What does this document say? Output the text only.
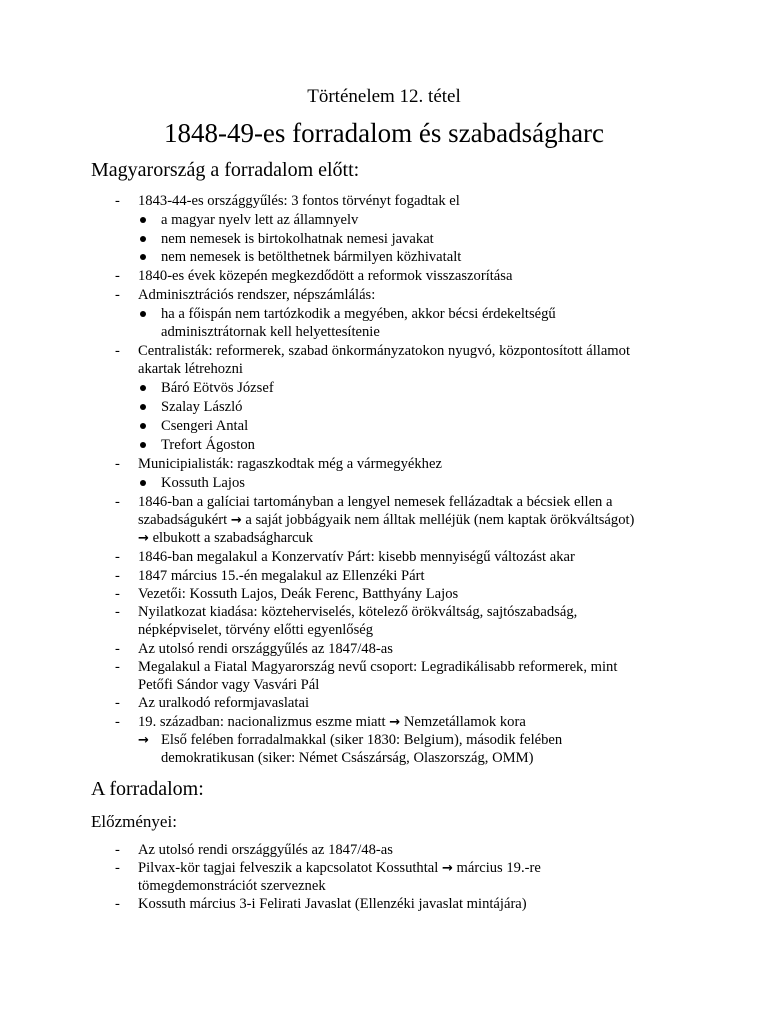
Történelem 12. tétel
1848-49-es forradalom és szabadságharc
Magyarország a forradalom előtt:
- 1843-44-es országgyűlés: 3 fontos törvényt fogadtak el
a magyar nyelv lett az államnyelv
nem nemesek is birtokolhatnak nemesi javakat
nem nemesek is betölthetnek bármilyen közhivatalt
- 1840-es évek közepén megkezdődött a reformok visszaszorítása
- Adminisztrációs rendszer, népszámlálás:
ha a főispán nem tartózkodik a megyében, akkor bécsi érdekeltségű
adminisztrátornak kell helyettesítenie
- Centralisták: reformerek, szabad önkormányzatokon nyugvó, központosított államot
akartak létrehozni
Báró Eötvös József
Szalay László
Csengeri Antal
Trefort Ágoston
- Municipialisták: ragaszkodtak még a vármegyékhez
Kossuth Lajos
- 1846-ban a galíciai tartományban a lengyel nemesek fellázadtak a bécsiek ellen a
szabadságukért → a saját jobbágyaik nem álltak melléjük (nem kaptak örökváltságot)
→ elbukott a szabadságharcuk
- 1846-ban megalakul a Konzervatív Párt: kisebb mennyiségű változást akar
- 1847 március 15.-én megalakul az Ellenzéki Párt
- Vezetői: Kossuth Lajos, Deák Ferenc, Batthyány Lajos
- Nyilatkozat kiadása: közteherviselés, kötelező örökváltság, sajtószabadság,
népképviselet, törvény előtti egyenlőség
- Az utolsó rendi országgyűlés az 1847/48-as
- Megalakul a Fiatal Magyarország nevű csoport: Legradikálisabb reformerek, mint
Petőfi Sándor vagy Vasvári Pál
- Az uralkodó reformjavaslatai
- 19. században: nacionalizmus eszme miatt → Nemzetállamok kora
→ Első felében forradalmakkal (siker 1830: Belgium), második felében
demokratikusan (siker: Német Császárság, Olaszország, OMM)
A forradalom:
Előzményei:
- Az utolsó rendi országgyűlés az 1847/48-as
- Pilvax-kör tagjai felveszik a kapcsolatot Kossuthtal → március 19.-re
tömegdemonstrációt szerveznek
- Kossuth március 3-i Felirati Javaslat (Ellenzéki javaslat mintájára)
